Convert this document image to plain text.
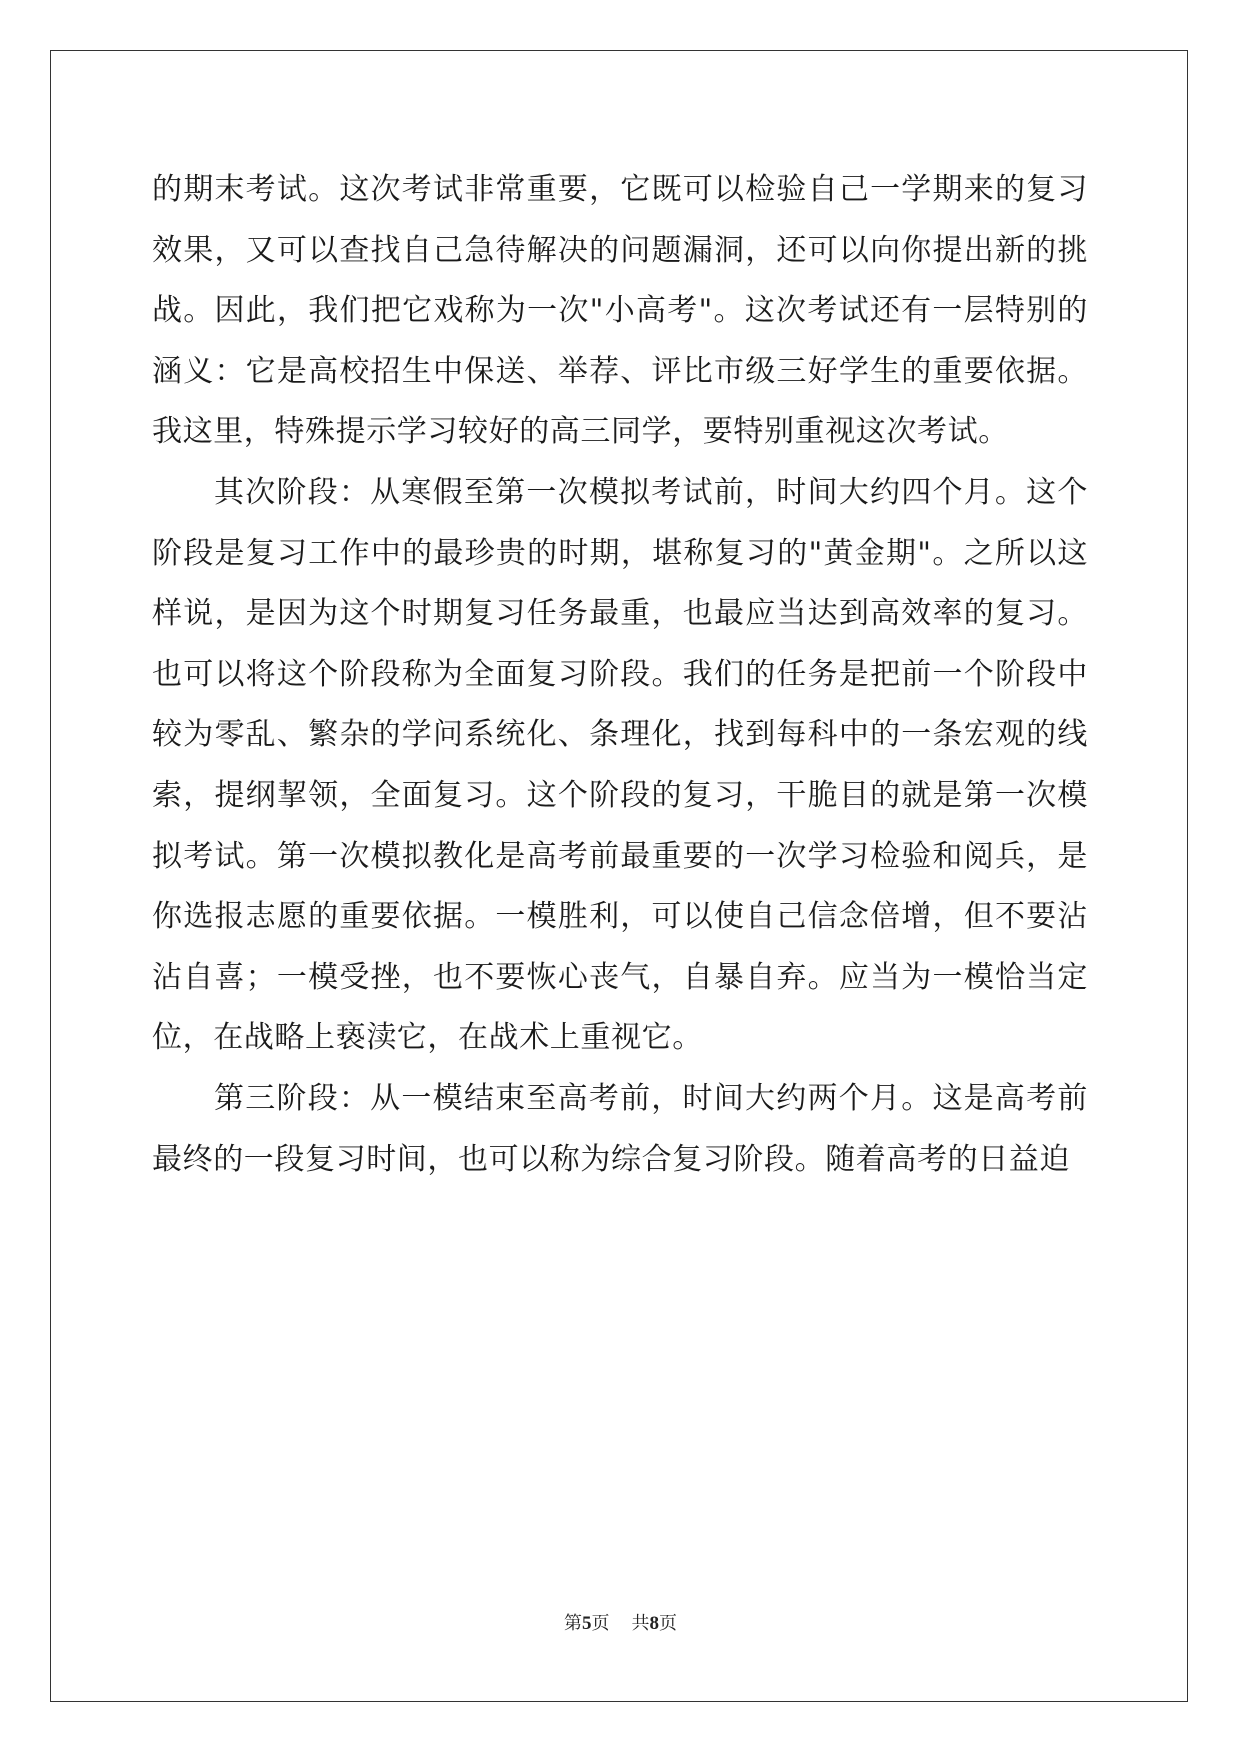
的期末考试。这次考试非常重要，它既可以检验自己一学期来的复习效果，又可以查找自己急待解决的问题漏洞，还可以向你提出新的挑战。因此，我们把它戏称为一次"小高考"。这次考试还有一层特别的涵义：它是高校招生中保送、举荐、评比市级三好学生的重要依据。我这里，特殊提示学习较好的高三同学，要特别重视这次考试。

其次阶段：从寒假至第一次模拟考试前，时间大约四个月。这个阶段是复习工作中的最珍贵的时期，堪称复习的"黄金期"。之所以这样说，是因为这个时期复习任务最重，也最应当达到高效率的复习。也可以将这个阶段称为全面复习阶段。我们的任务是把前一个阶段中较为零乱、繁杂的学问系统化、条理化，找到每科中的一条宏观的线索，提纲挈领，全面复习。这个阶段的复习，干脆目的就是第一次模拟考试。第一次模拟教化是高考前最重要的一次学习检验和阅兵，是你选报志愿的重要依据。一模胜利，可以使自己信念倍增，但不要沾沾自喜；一模受挫，也不要恢心丧气，自暴自弃。应当为一模恰当定位，在战略上亵渎它，在战术上重视它。

第三阶段：从一模结束至高考前，时间大约两个月。这是高考前最终的一段复习时间，也可以称为综合复习阶段。随着高考的日益迫

第5页 共8页
